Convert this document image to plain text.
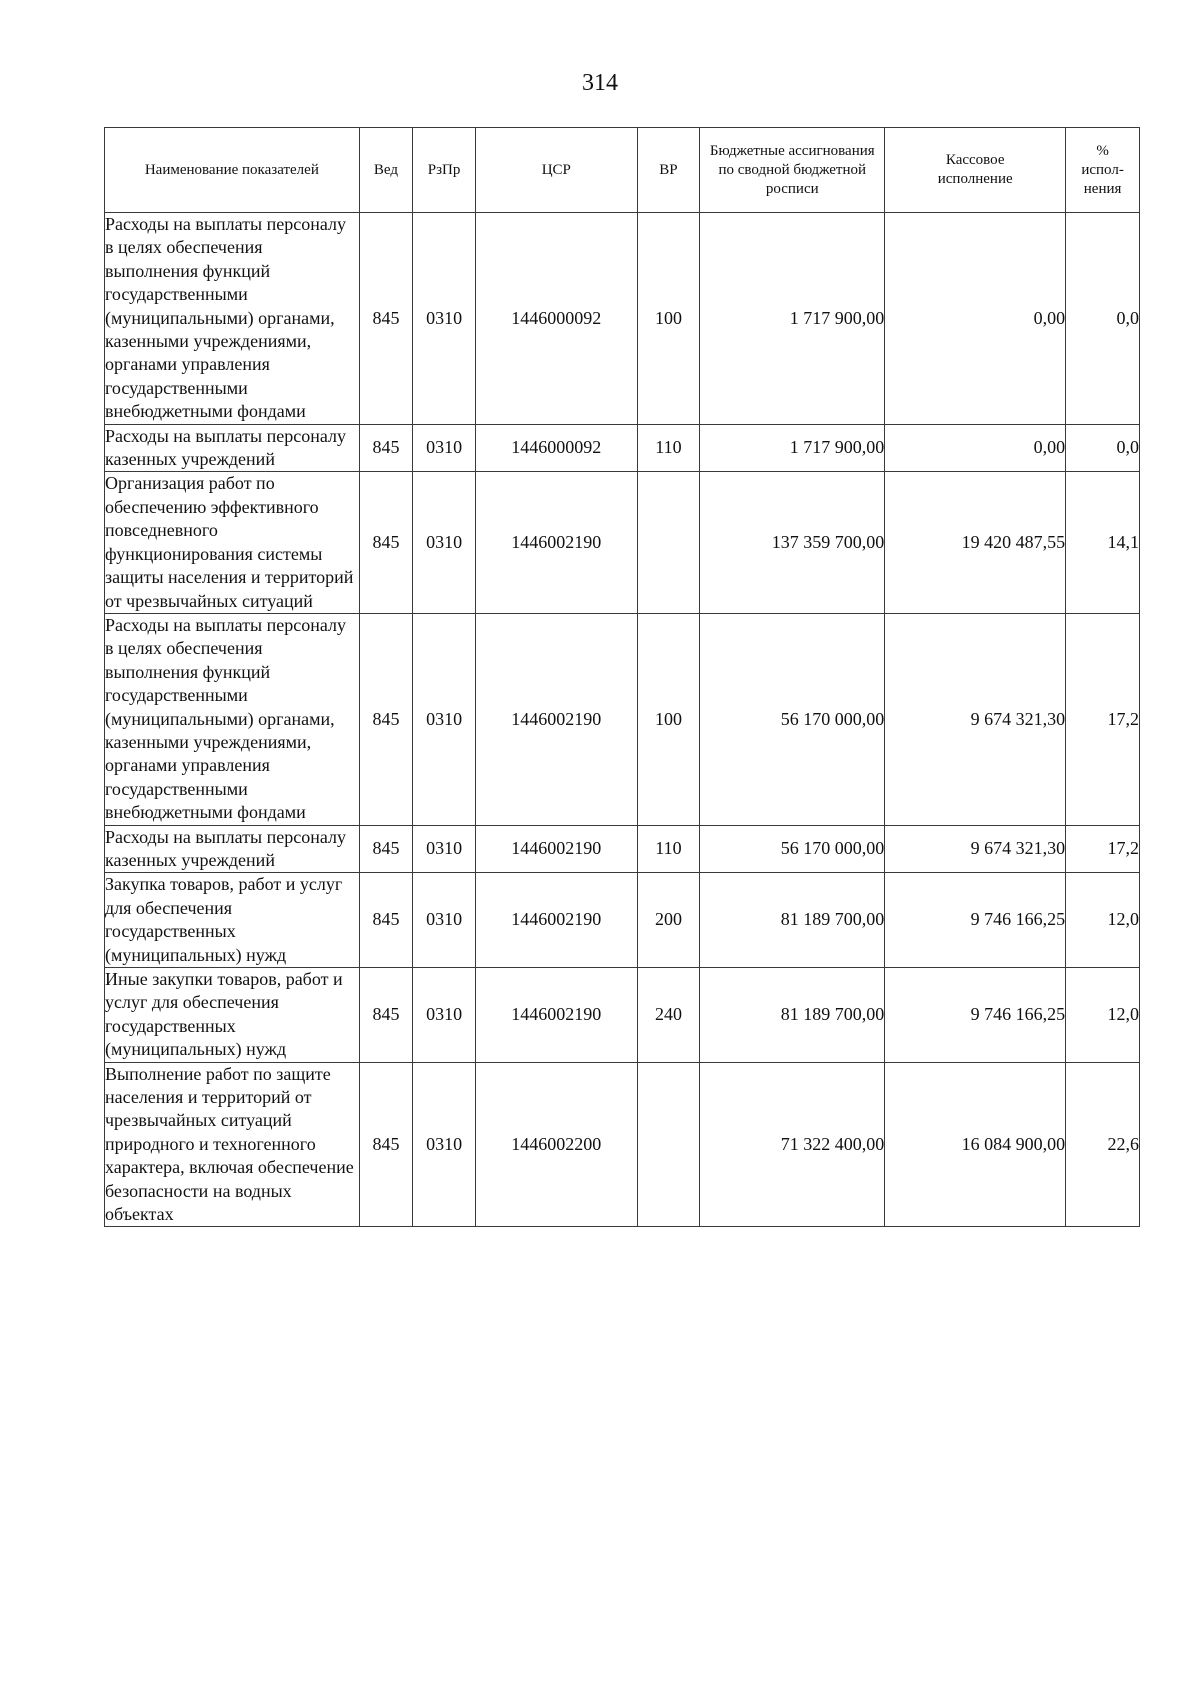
314
Наименование показателей	Вед	РзПр	ЦСР	ВР	Бюджетные ассигнования по сводной бюджетной росписи	Кассовое исполнение	% испол-нения
Расходы на выплаты персоналу в целях обеспечения выполнения функций государственными (муниципальными) органами, казенными учреждениями, органами управления государственными внебюджетными фондами	845	0310	1446000092	100	1 717 900,00	0,00	0,0
Расходы на выплаты персоналу казенных учреждений	845	0310	1446000092	110	1 717 900,00	0,00	0,0
Организация работ по обеспечению эффективного повседневного функционирования системы защиты населения и территорий от чрезвычайных ситуаций	845	0310	1446002190		137 359 700,00	19 420 487,55	14,1
Расходы на выплаты персоналу в целях обеспечения выполнения функций государственными (муниципальными) органами, казенными учреждениями, органами управления государственными внебюджетными фондами	845	0310	1446002190	100	56 170 000,00	9 674 321,30	17,2
Расходы на выплаты персоналу казенных учреждений	845	0310	1446002190	110	56 170 000,00	9 674 321,30	17,2
Закупка товаров, работ и услуг для обеспечения государственных (муниципальных) нужд	845	0310	1446002190	200	81 189 700,00	9 746 166,25	12,0
Иные закупки товаров, работ и услуг для обеспечения государственных (муниципальных) нужд	845	0310	1446002190	240	81 189 700,00	9 746 166,25	12,0
Выполнение работ по защите населения и территорий от чрезвычайных ситуаций природного и техногенного характера, включая обеспечение безопасности на водных объектах	845	0310	1446002200		71 322 400,00	16 084 900,00	22,6
